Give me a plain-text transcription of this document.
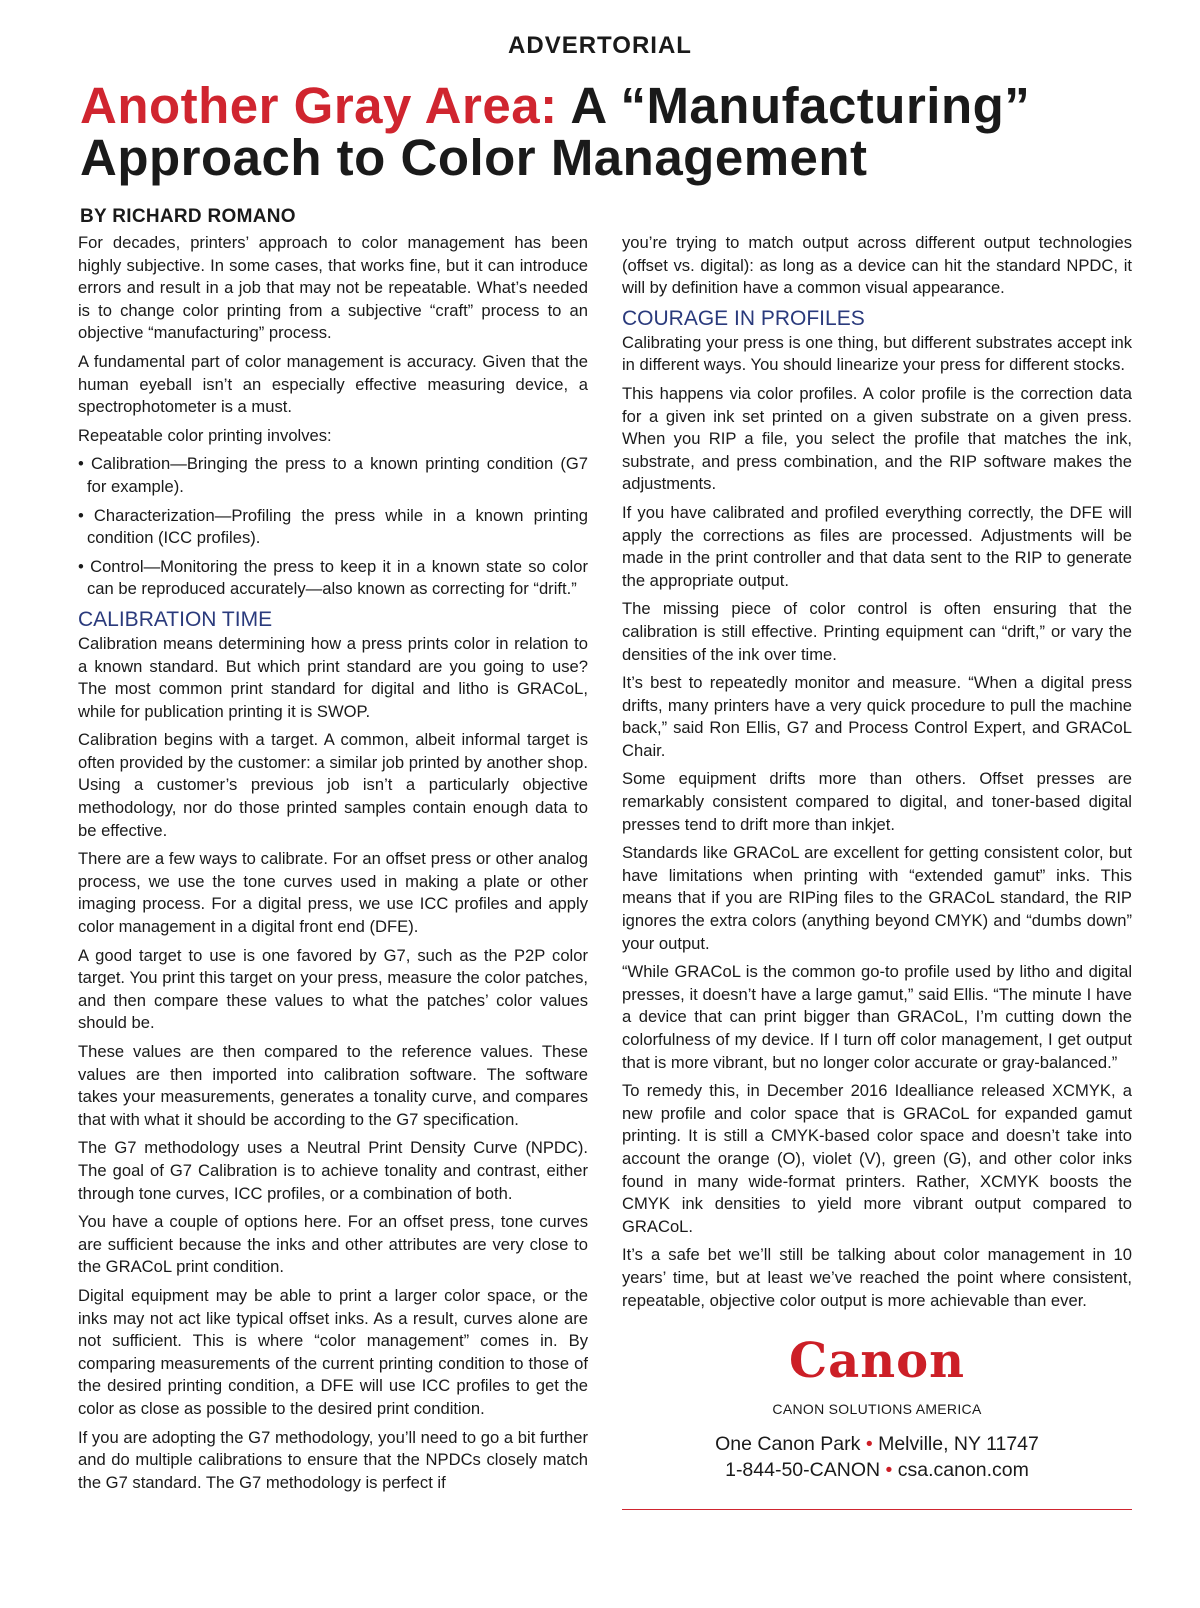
ADVERTORIAL
Another Gray Area: A “Manufacturing”
Approach to Color Management
BY RICHARD ROMANO

For decades, printers’ approach to color management has been highly subjective. In some cases, that works fine, but it can introduce errors and result in a job that may not be repeatable. What’s needed is to change color printing from a subjective “craft” process to an objective “manufacturing” process.

A fundamental part of color management is accuracy. Given that the human eyeball isn’t an especially effective measuring device, a spectrophotometer is a must.

Repeatable color printing involves:

• Calibration—Bringing the press to a known printing condition (G7 for example).
• Characterization—Profiling the press while in a known printing condition (ICC profiles).
• Control—Monitoring the press to keep it in a known state so color can be reproduced accurately—also known as correcting for “drift.”
CALIBRATION TIME

Calibration means determining how a press prints color in relation to a known standard. But which print standard are you going to use? The most common print standard for digital and litho is GRACoL, while for publication printing it is SWOP.

Calibration begins with a target. A common, albeit informal target is often provided by the customer: a similar job printed by another shop. Using a customer’s previous job isn’t a particularly objective methodology, nor do those printed samples contain enough data to be effective.

There are a few ways to calibrate. For an offset press or other analog process, we use the tone curves used in making a plate or other imaging process. For a digital press, we use ICC profiles and apply color management in a digital front end (DFE).

A good target to use is one favored by G7, such as the P2P color target. You print this target on your press, measure the color patches, and then compare these values to what the patches’ color values should be.

These values are then compared to the reference values. These values are then imported into calibration software. The software takes your measurements, generates a tonality curve, and compares that with what it should be according to the G7 specification.

The G7 methodology uses a Neutral Print Density Curve (NPDC). The goal of G7 Calibration is to achieve tonality and contrast, either through tone curves, ICC profiles, or a combination of both.

You have a couple of options here. For an offset press, tone curves are sufficient because the inks and other attributes are very close to the GRACoL print condition.

Digital equipment may be able to print a larger color space, or the inks may not act like typical offset inks. As a result, curves alone are not sufficient. This is where “color management” comes in. By comparing measurements of the current printing condition to those of the desired printing condition, a DFE will use ICC profiles to get the color as close as possible to the desired print condition.

If you are adopting the G7 methodology, you’ll need to go a bit further and do multiple calibrations to ensure that the NPDCs closely match the G7 standard. The G7 methodology is perfect if

you’re trying to match output across different output technologies (offset vs. digital): as long as a device can hit the standard NPDC, it will by definition have a common visual appearance.

COURAGE IN PROFILES

Calibrating your press is one thing, but different substrates accept ink in different ways. You should linearize your press for different stocks.

This happens via color profiles. A color profile is the correction data for a given ink set printed on a given substrate on a given press. When you RIP a file, you select the profile that matches the ink, substrate, and press combination, and the RIP software makes the adjustments.

If you have calibrated and profiled everything correctly, the DFE will apply the corrections as files are processed. Adjustments will be made in the print controller and that data sent to the RIP to generate the appropriate output.

The missing piece of color control is often ensuring that the calibration is still effective. Printing equipment can “drift,” or vary the densities of the ink over time.

It’s best to repeatedly monitor and measure. “When a digital press drifts, many printers have a very quick procedure to pull the machine back,” said Ron Ellis, G7 and Process Control Expert, and GRACoL Chair.

Some equipment drifts more than others. Offset presses are remarkably consistent compared to digital, and toner-based digital presses tend to drift more than inkjet.

Standards like GRACoL are excellent for getting consistent color, but have limitations when printing with “extended gamut” inks. This means that if you are RIPing files to the GRACoL standard, the RIP ignores the extra colors (anything beyond CMYK) and “dumbs down” your output.

“While GRACoL is the common go-to profile used by litho and digital presses, it doesn’t have a large gamut,” said Ellis. “The minute I have a device that can print bigger than GRACoL, I’m cutting down the colorfulness of my device. If I turn off color management, I get output that is more vibrant, but no longer color accurate or gray-balanced.”

To remedy this, in December 2016 Idealliance released XCMYK, a new profile and color space that is GRACoL for expanded gamut printing. It is still a CMYK-based color space and doesn’t take into account the orange (O), violet (V), green (G), and other color inks found in many wide-format printers. Rather, XCMYK boosts the CMYK ink densities to yield more vibrant output compared to GRACoL.

It’s a safe bet we’ll still be talking about color management in 10 years’ time, but at least we’ve reached the point where consistent, repeatable, objective color output is more achievable than ever.

Canon
CANON SOLUTIONS AMERICA
One Canon Park • Melville, NY 11747
1-844-50-CANON • csa.canon.com
